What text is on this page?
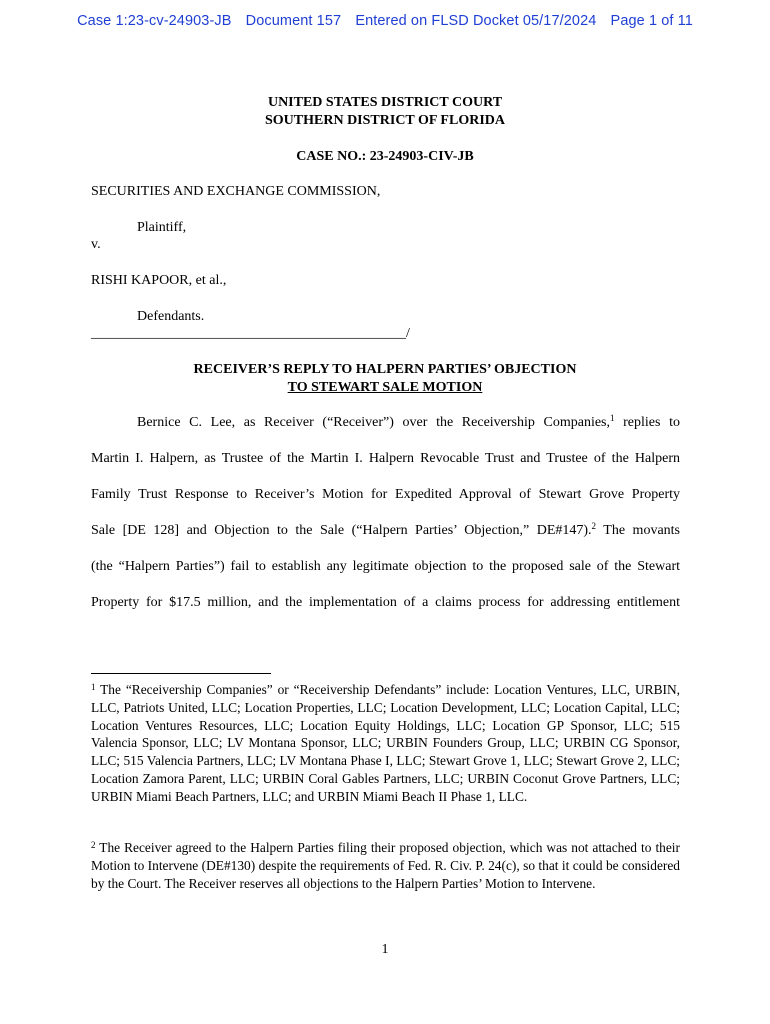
Case 1:23-cv-24903-JB Document 157 Entered on FLSD Docket 05/17/2024 Page 1 of 11
UNITED STATES DISTRICT COURT
SOUTHERN DISTRICT OF FLORIDA
CASE NO.: 23-24903-CIV-JB
SECURITIES AND EXCHANGE COMMISSION,
Plaintiff,
v.
RISHI KAPOOR, et al.,
Defendants.
_____________________________________________/
RECEIVER’S REPLY TO HALPERN PARTIES’ OBJECTION
TO STEWART SALE MOTION
Bernice C. Lee, as Receiver (“Receiver”) over the Receivership Companies,$^1$ replies to
Martin I. Halpern, as Trustee of the Martin I. Halpern Revocable Trust and Trustee of the Halpern
Family Trust Response to Receiver’s Motion for Expedited Approval of Stewart Grove Property
Sale [DE 128] and Objection to the Sale (“Halpern Parties’ Objection,” DE#147).$^2$ The movants
(the “Halpern Parties”) fail to establish any legitimate objection to the proposed sale of the Stewart
Property for $17.5 million, and the implementation of a claims process for addressing entitlement
$^1$ The “Receivership Companies” or “Receivership Defendants” include: Location Ventures, LLC, URBIN, LLC, Patriots United, LLC; Location Properties, LLC; Location Development, LLC; Location Capital, LLC; Location Ventures Resources, LLC; Location Equity Holdings, LLC; Location GP Sponsor, LLC; 515 Valencia Sponsor, LLC; LV Montana Sponsor, LLC; URBIN Founders Group, LLC; URBIN CG Sponsor, LLC; 515 Valencia Partners, LLC; LV Montana Phase I, LLC; Stewart Grove 1, LLC; Stewart Grove 2, LLC; Location Zamora Parent, LLC; URBIN Coral Gables Partners, LLC; URBIN Coconut Grove Partners, LLC; URBIN Miami Beach Partners, LLC; and URBIN Miami Beach II Phase 1, LLC.
$^2$ The Receiver agreed to the Halpern Parties filing their proposed objection, which was not attached to their Motion to Intervene (DE#130) despite the requirements of Fed. R. Civ. P. 24(c), so that it could be considered by the Court. The Receiver reserves all objections to the Halpern Parties’ Motion to Intervene.
1
